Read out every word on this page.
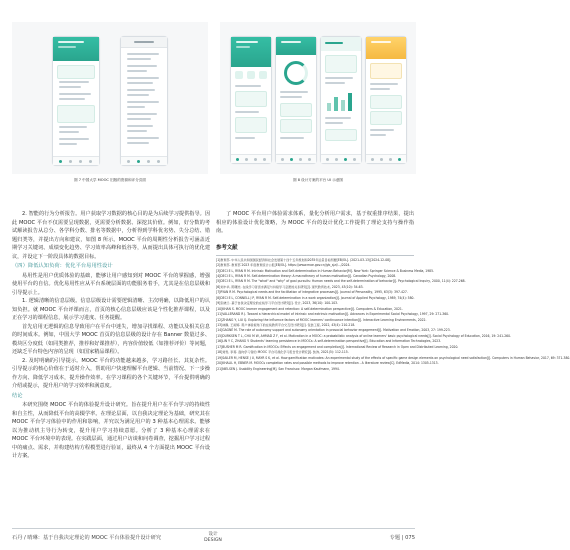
图 7 中国大学 MOOC 旧版的资源和评分页面	图 8 设计方案的平台 UI 示意图

2. 智能的行为分析报告。用户获取学习数据的核心目的是为后续学习提供指导。因此 MOOC 平台不仅需要呈现数据，更需要分析数据、深挖其价值。例如，好分数的考试解读报告从总分、各学科分数、排名等数据中，分析得到学科优劣势、失分总结、错题归类等，并提出方向和建议，如图 8 所示。MOOC 平台的周期性分析报告可涵盖近期学习关键词、成绩变化趋势、学习效率高峰和低谷等，从而提出具体可执行的优化建议，并设定下一阶段具体的数据目标。

（四）降低认知负荷：优化平台易用性设计

易用性是用户优质体验的基础，能够让用户感知到对 MOOC 平台的掌握感，增强使用平台的自信。优化易用性应从平台系统层面的功能服务着手，尤其是在信息层级和引导提示上。

1. 逻辑清晰的信息层级。信息层级设计需要逻辑清晰、主次明确，以降低用户的认知负担。就 MOOC 平台评课而言，首页的核心信息层级应该是个性化推荐课程，以及正在学习的课程信息，展示学习进度、任务提醒。

首先启用无逻辑的信息导致用户在平台中迷失，增加寻找课程、功能以及相关信息的时间成本。例如，中国大学 MOOC 首页的信息层级的设计存在 Banner 数量过多、模块区分度低（如同类推荐，推荐和好课推荐），内容价值较低（如推荐评价）等问题，还缺乏平台特色内容的呈现（如国家精品课程）。

2. 及时明确的引导提示。MOOC 平台的功能越来越多，学习路径长、其复杂性。引导提示的核心价值在于适时介入，帮助用户快速理解平台逻辑、当前情况、下一步操作方向、降低学习成本，提升操作效率。在学习课程的各个关键环节，平台提供明确的介绍或提示，提升用户的学习效率和满意度。

结论

本研究围绕 MOOC 平台的体验提升设计研究。旨在提升用户在平台学习的持续性和自主性，从而降低平台的高辍学率。在理论层面，以自我决定理论为基础，研究其在 MOOC 平台学习体验中的作用和影响，并究以为满足用户的 3 种基本心理需求。能够以为推动机主导行为转变，提升用户学习持续意愿。分析了 3 种基本心理需求在 MOOC 平台环境中的表现。在实践层面，通过用户访谈和问卷调查，挖掘用户学习过程中的痛点、需求，并构建结构方程模型进行验证，最终从 4 个方面提出 MOOC 平台设计方案。

了 MOOC 平台用户体验需求体系，量化分析用户需求，基于权重排序结果，提出相应的体验设计优化策略，为 MOOC 平台的设计优化工作提供了理论支持与操作指南。

参考文献
[1]教育部. 中华人民共和国国民经济和社会发展第十四个五年规划和2035年远景目标纲要[EB/OL]. (2021-03-13)[2024-12-08].
[2]教育部. 教育部 2023 年度教育统计公报[EB/OL]. https://www.moe.gov.cn/jyb_sjzl/.../2024.
[3]DECI E L, RYAN R M. Intrinsic Motivation and Self-determination in Human Behavior[M]. New York: Springer Science & Business Media, 1985.
[4]DECI E L, RYAN R M. Self-determination theory: A macrotheory of human motivation[J]. Canadian Psychology, 2008.
[5]DECI E L, RYAN R M. The "what" and "why" of goal pursuits: Human needs and the self-determination of behavior[J]. Psychological Inquiry, 2000, 11(4): 227-268.
[6]刘丰华, 陈曙光. 在线学习者需求满足与持续学习意愿的关系研究[J]. 现代教育技术, 2023, 43(10): 54-63.
[7]RYAN R M. Psychological needs and the facilitation of integrative processes[J]. Journal of Personality, 1995, 63(3): 397-427.
[8]DECI E L, CONNELL J P, RYAN R M. Self-determination in a work organization[J]. Journal of Applied Psychology, 1989, 74(4): 580.
[9]张晓兰. 基于自我决定理论的在线学习平台设计研究[J]. 设计, 2023, 36(10): 100-103.
[10]KHAN S. MOOC learner engagement and retention: A self-determination perspective[J]. Computers & Education, 2021.
[11]VALLERAND R J. Toward a hierarchical model of intrinsic and extrinsic motivation[J]. Advances in Experimental Social Psychology, 1997, 29: 271-360.
[12]ZHANG Y, LIU Q. Exploring the influence factors of MOOC learners' continuance intention[J]. Interactive Learning Environments, 2022.
[13]林静, 王雨婷. 用户体验视角下的在线教育平台交互设计研究[J]. 包装工程, 2022, 43(4): 210-218.
[14]GAGNÉ M. The role of autonomy support and autonomy orientation in prosocial behavior engagement[J]. Motivation and Emotion, 2003, 27: 199-223.
[15]DURKSEN T L, CHU M W, AHMAD Z F, et al. Motivation in a MOOC: a probabilistic analysis of online learners' basic psychological needs[J]. Social Psychology of Education, 2016, 19: 241-260.
[16]LIN Y C, ZHANG Y. Students' learning persistence in MOOCs: A self-determination perspective[J]. Education and Information Technologies, 2023.
[17]BUSHER M R. Gamification in MOOCs: Effects on engagement and completion[J]. International Review of Research in Open and Distributed Learning, 2020.
[18]刘雪, 李莉. 面向学习者的 MOOC 平台可视化学习报告设计研究[J]. 装饰, 2021(5): 112-115.
[19]SAILER M, HENSE J U, MAYR S K, et al. How gamification motivates: An experimental study of the effects of specific game design elements on psychological need satisfaction[J]. Computers in Human Behavior, 2017, 69: 371-380.
[20]KHALIL H, EBNER M. MOOCs completion rates and possible methods to improve retention - A literature review[C]. EdMedia, 2014: 1305-1313.
[21]NIELSEN J. Usability Engineering[M]. San Francisco: Morgan Kaufmann, 1994.
石丹 / 晴琳：基于自我决定理论的 MOOC 平台体验提升设计研究
设计
DESIGN	专题 | 075
